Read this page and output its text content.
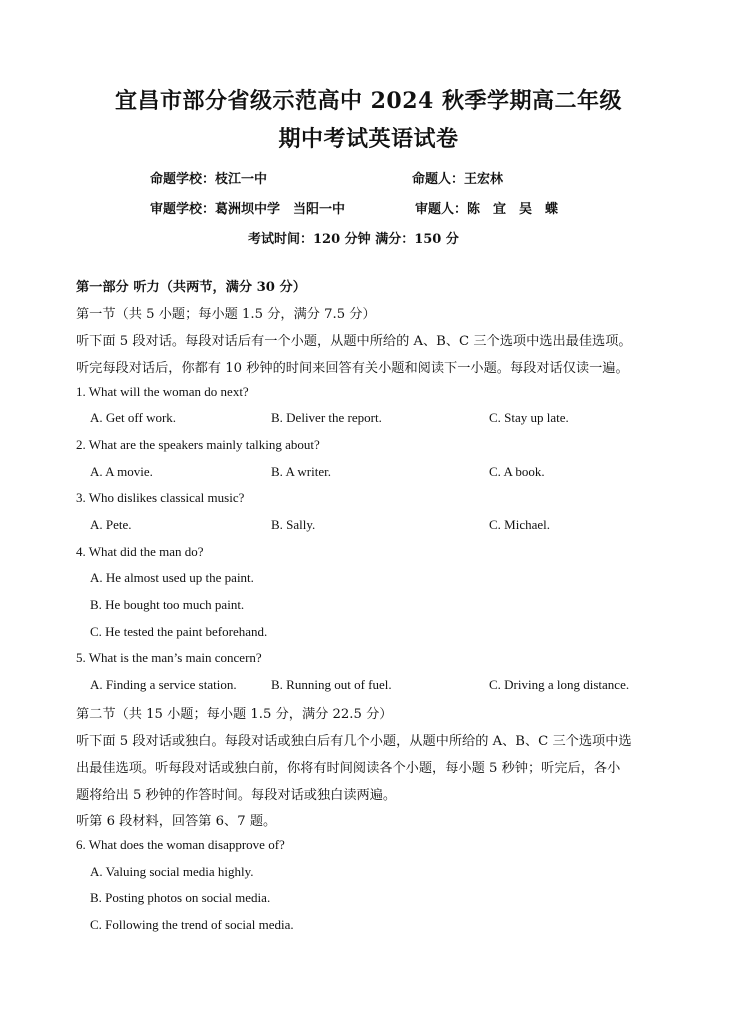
宜昌市部分省级示范高中 2024 秋季学期高二年级
期中考试英语试卷
命题学校：枝江一中	命题人：王宏林
审题学校：葛洲坝中学　当阳一中	审题人：陈　宜　吴　蝶
考试时间：120 分钟 满分：150 分
第一部分 听力（共两节，满分 30 分）
第一节（共 5 小题；每小题 1.5 分，满分 7.5 分）
听下面 5 段对话。每段对话后有一个小题，从题中所给的 A、B、C 三个选项中选出最佳选项。
听完每段对话后，你都有 10 秒钟的时间来回答有关小题和阅读下一小题。每段对话仅读一遍。
1. What will the woman do next?
A. Get off work.	B. Deliver the report.	C. Stay up late.
2. What are the speakers mainly talking about?
A. A movie.	B. A writer.	C. A book.
3. Who dislikes classical music?
A. Pete.	B. Sally.	C. Michael.
4. What did the man do?
A. He almost used up the paint.
B. He bought too much paint.
C. He tested the paint beforehand.
5. What is the man’s main concern?
A. Finding a service station.	B. Running out of fuel.	C. Driving a long distance.
第二节（共 15 小题；每小题 1.5 分，满分 22.5 分）
听下面 5 段对话或独白。每段对话或独白后有几个小题，从题中所给的 A、B、C 三个选项中选
出最佳选项。听每段对话或独白前，你将有时间阅读各个小题，每小题 5 秒钟；听完后，各小
题将给出 5 秒钟的作答时间。每段对话或独白读两遍。
听第 6 段材料，回答第 6、7 题。
6. What does the woman disapprove of?
A. Valuing social media highly.
B. Posting photos on social media.
C. Following the trend of social media.
